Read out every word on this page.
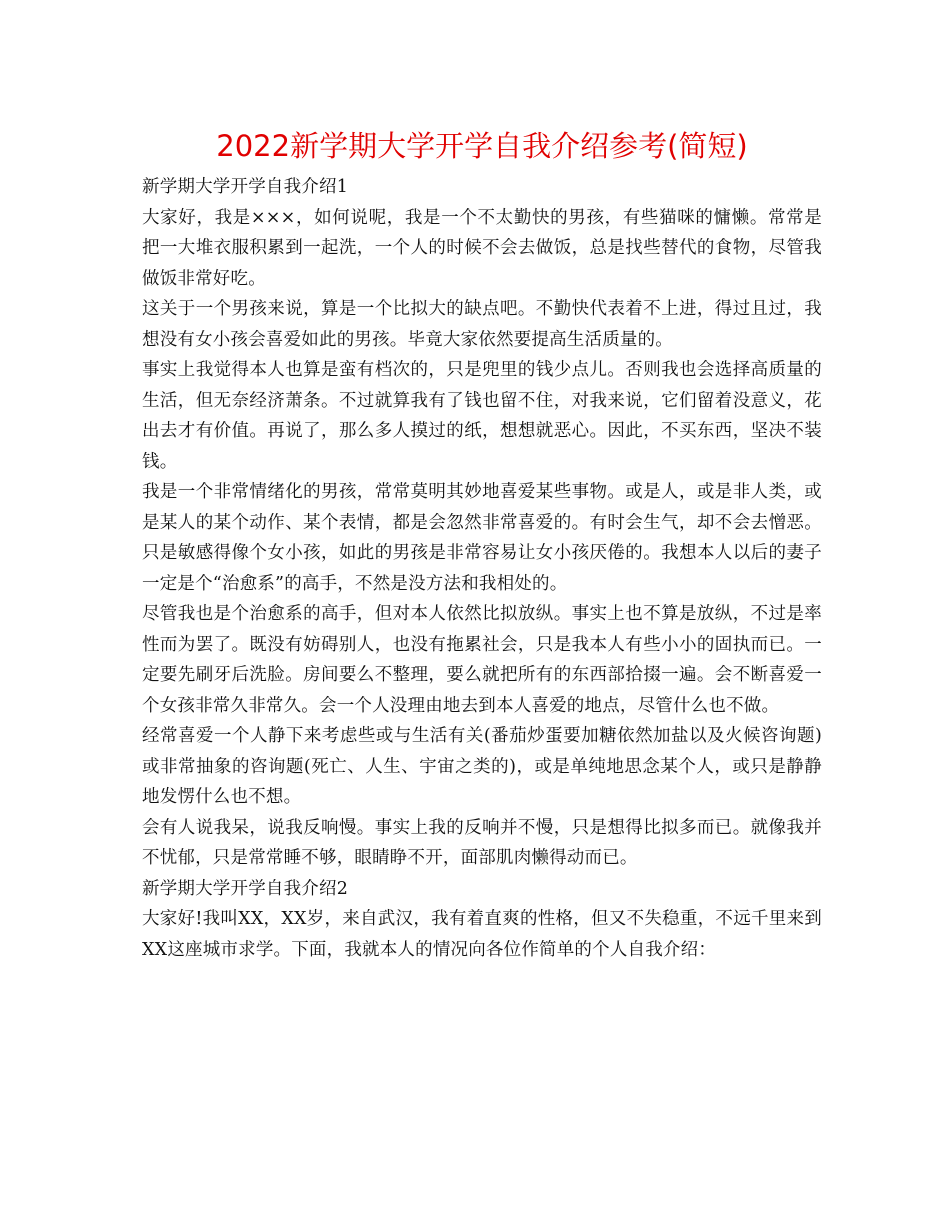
2022新学期大学开学自我介绍参考(简短)

新学期大学开学自我介绍1

大家好，我是×××，如何说呢，我是一个不太勤快的男孩，有些猫咪的慵懒。常常是把一大堆衣服积累到一起洗，一个人的时候不会去做饭，总是找些替代的食物，尽管我做饭非常好吃。

这关于一个男孩来说，算是一个比拟大的缺点吧。不勤快代表着不上进，得过且过，我想没有女小孩会喜爱如此的男孩。毕竟大家依然要提高生活质量的。

事实上我觉得本人也算是蛮有档次的，只是兜里的钱少点儿。否则我也会选择高质量的生活，但无奈经济萧条。不过就算我有了钱也留不住，对我来说，它们留着没意义，花出去才有价值。再说了，那么多人摸过的纸，想想就恶心。因此，不买东西，坚决不装钱。

我是一个非常情绪化的男孩，常常莫明其妙地喜爱某些事物。或是人，或是非人类，或是某人的某个动作、某个表情，都是会忽然非常喜爱的。有时会生气，却不会去憎恶。只是敏感得像个女小孩，如此的男孩是非常容易让女小孩厌倦的。我想本人以后的妻子一定是个“治愈系”的高手，不然是没方法和我相处的。

尽管我也是个治愈系的高手，但对本人依然比拟放纵。事实上也不算是放纵，不过是率性而为罢了。既没有妨碍别人，也没有拖累社会，只是我本人有些小小的固执而已。一定要先刷牙后洗脸。房间要么不整理，要么就把所有的东西部拾掇一遍。会不断喜爱一个女孩非常久非常久。会一个人没理由地去到本人喜爱的地点，尽管什么也不做。

经常喜爱一个人静下来考虑些或与生活有关(番茄炒蛋要加糖依然加盐以及火候咨询题)或非常抽象的咨询题(死亡、人生、宇宙之类的)，或是单纯地思念某个人，或只是静静地发愣什么也不想。

会有人说我呆，说我反响慢。事实上我的反响并不慢，只是想得比拟多而已。就像我并不忧郁，只是常常睡不够，眼睛睁不开，面部肌肉懒得动而已。

新学期大学开学自我介绍2

大家好!我叫XX，XX岁，来自武汉，我有着直爽的性格，但又不失稳重，不远千里来到XX这座城市求学。下面，我就本人的情况向各位作简单的个人自我介绍：
